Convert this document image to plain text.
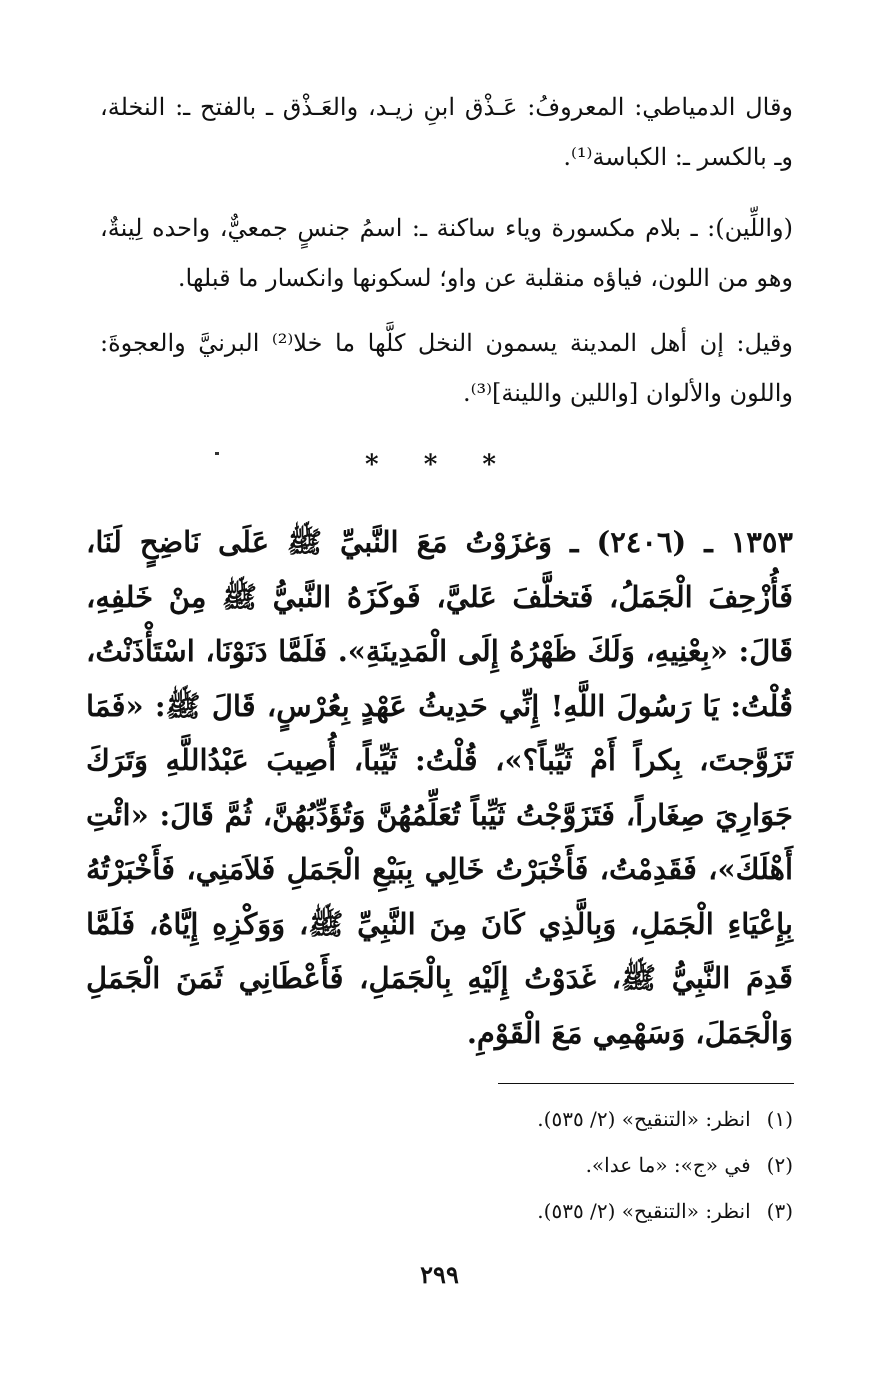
وقال الدمياطي: المعروفُ: عَـذْق ابنِ زيـد، والعَـذْق ـ بالفتح ـ: النخلة، وـ بالكسر ـ: الكباسة⁽¹⁾.

(واللِّين): ـ بلام مكسورة وياء ساكنة ـ: اسمُ جنسٍ جمعيٌّ، واحده لِينةٌ، وهو من اللون، فياؤه منقلبة عن واو؛ لسكونها وانكسار ما قبلها.

وقيل: إن أهل المدينة يسمون النخل كلَّها ما خلا⁽²⁾ البرنيَّ والعجوةَ: واللون والألوان [واللين واللينة]⁽³⁾.

* * *

١٣٥٣ ـ (٢٤٠٦) ـ وَغزَوْتُ مَعَ النَّبيِّ ﷺ عَلَى نَاضِحٍ لَنَا، فَأُزْحِفَ الْجَمَلُ، فَتخلَّفَ عَليَّ، فَوكَزَهُ النَّبيُّ ﷺ مِنْ خَلفِهِ، قَالَ: «بِعْنِيهِ، وَلَكَ ظَهْرُهُ إِلَى الْمَدِينَةِ». فَلَمَّا دَنَوْنَا، اسْتَأْذَنْتُ، قُلْتُ: يَا رَسُولَ اللَّهِ! إِنِّي حَدِيثُ عَهْدٍ بِعُرْسٍ، قَالَ ﷺ: «فَمَا تَزَوَّجتَ، بِكراً أَمْ ثَيِّباً؟»، قُلْتُ: ثَيِّباً، أُصِيبَ عَبْدُاللَّهِ وَتَرَكَ جَوَارِيَ صِغَاراً، فَتَزَوَّجْتُ ثَيِّباً تُعَلِّمُهُنَّ وَتُؤَدِّبُهُنَّ، ثُمَّ قَالَ: «ائْتِ أَهْلَكَ»، فَقَدِمْتُ، فَأَخْبَرْتُ خَالِي بِبَيْعِ الْجَمَلِ فَلاَمَنِي، فَأَخْبَرْتُهُ بِإِعْيَاءِ الْجَمَلِ، وَبِالَّذِي كَانَ مِنَ النَّبِيِّ ﷺ، وَوَكْزِهِ إِيَّاهُ، فَلَمَّا قَدِمَ النَّبِيُّ ﷺ، غَدَوْتُ إِلَيْهِ بِالْجَمَلِ، فَأَعْطَانِي ثَمَنَ الْجَمَلِ وَالْجَمَلَ، وَسَهْمِي مَعَ الْقَوْمِ.

(١) انظر: «التنقيح» (٢/ ٥٣٥).
(٢) في «ج»: «ما عدا».
(٣) انظر: «التنقيح» (٢/ ٥٣٥).
٢٩٩
